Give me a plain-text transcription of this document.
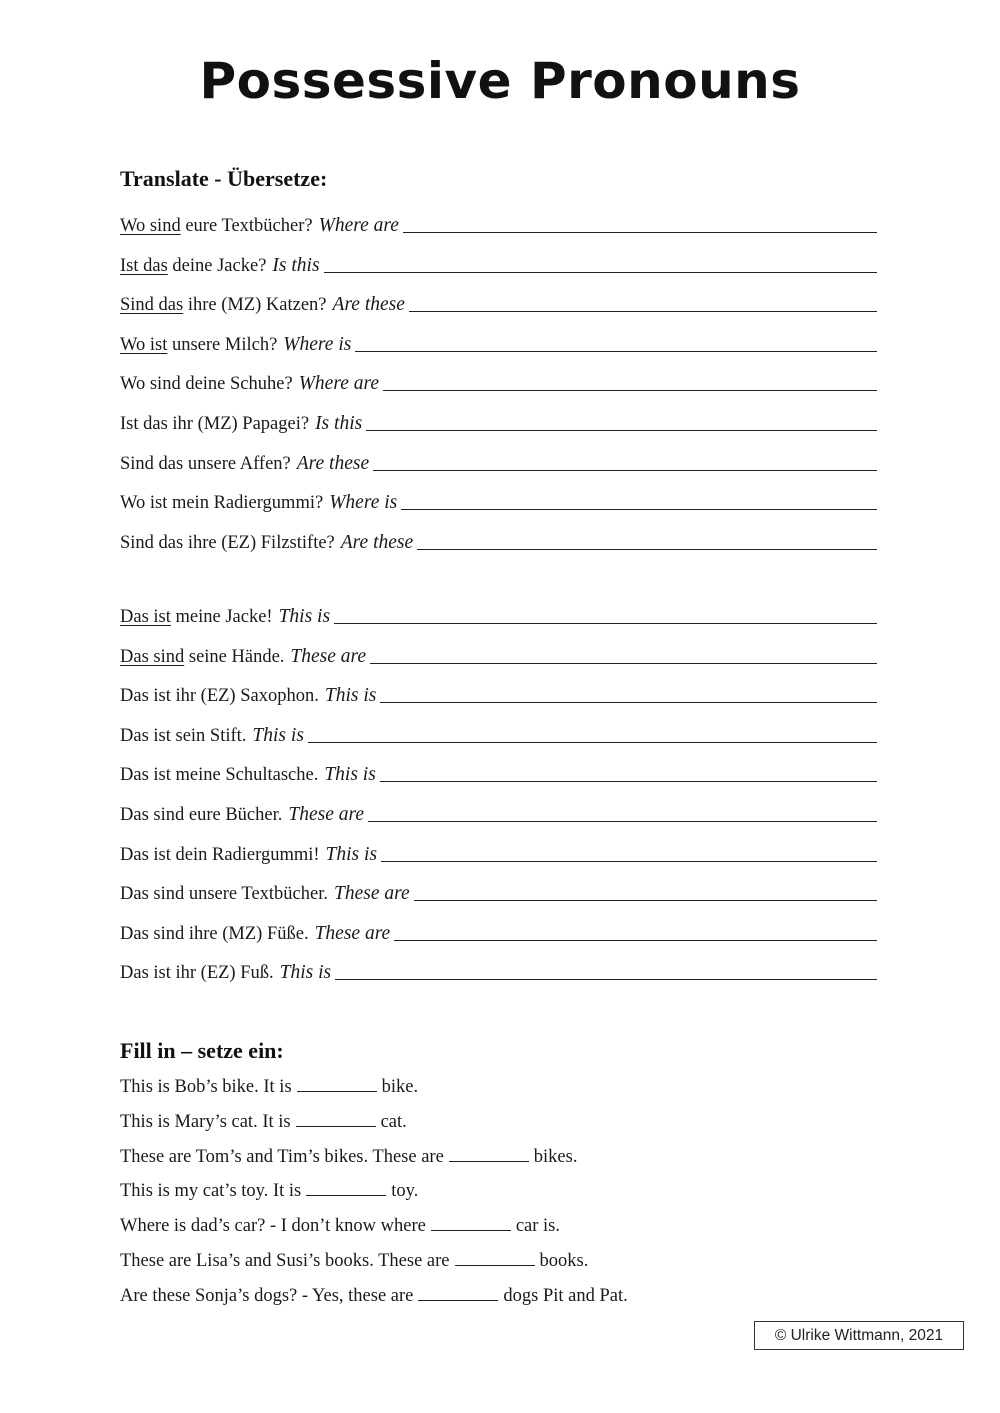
Possessive Pronouns
Translate - Übersetze:
Wo sind eure Textbücher? Where are
Ist das deine Jacke? Is this
Sind das ihre (MZ) Katzen? Are these
Wo ist unsere Milch? Where is
Wo sind deine Schuhe? Where are
Ist das ihr (MZ) Papagei? Is this
Sind das unsere Affen? Are these
Wo ist mein Radiergummi? Where is
Sind das ihre (EZ) Filzstifte? Are these
Das ist meine Jacke! This is
Das sind seine Hände. These are
Das ist ihr (EZ) Saxophon. This is
Das ist sein Stift. This is
Das ist meine Schultasche. This is
Das sind eure Bücher. These are
Das ist dein Radiergummi! This is
Das sind unsere Textbücher. These are
Das sind ihre (MZ) Füße. These are
Das ist ihr (EZ) Fuß. This is
Fill in – setze ein:
This is Bob’s bike. It is	bike.
This is Mary’s cat. It is	cat.
These are Tom’s and Tim’s bikes. These are	bikes.
This is my cat’s toy. It is	toy.
Where is dad’s car? - I don’t know where	car is.
These are Lisa’s and Susi’s books. These are	books.
Are these Sonja’s dogs? - Yes, these are	dogs Pit and Pat.
© Ulrike Wittmann, 2021
